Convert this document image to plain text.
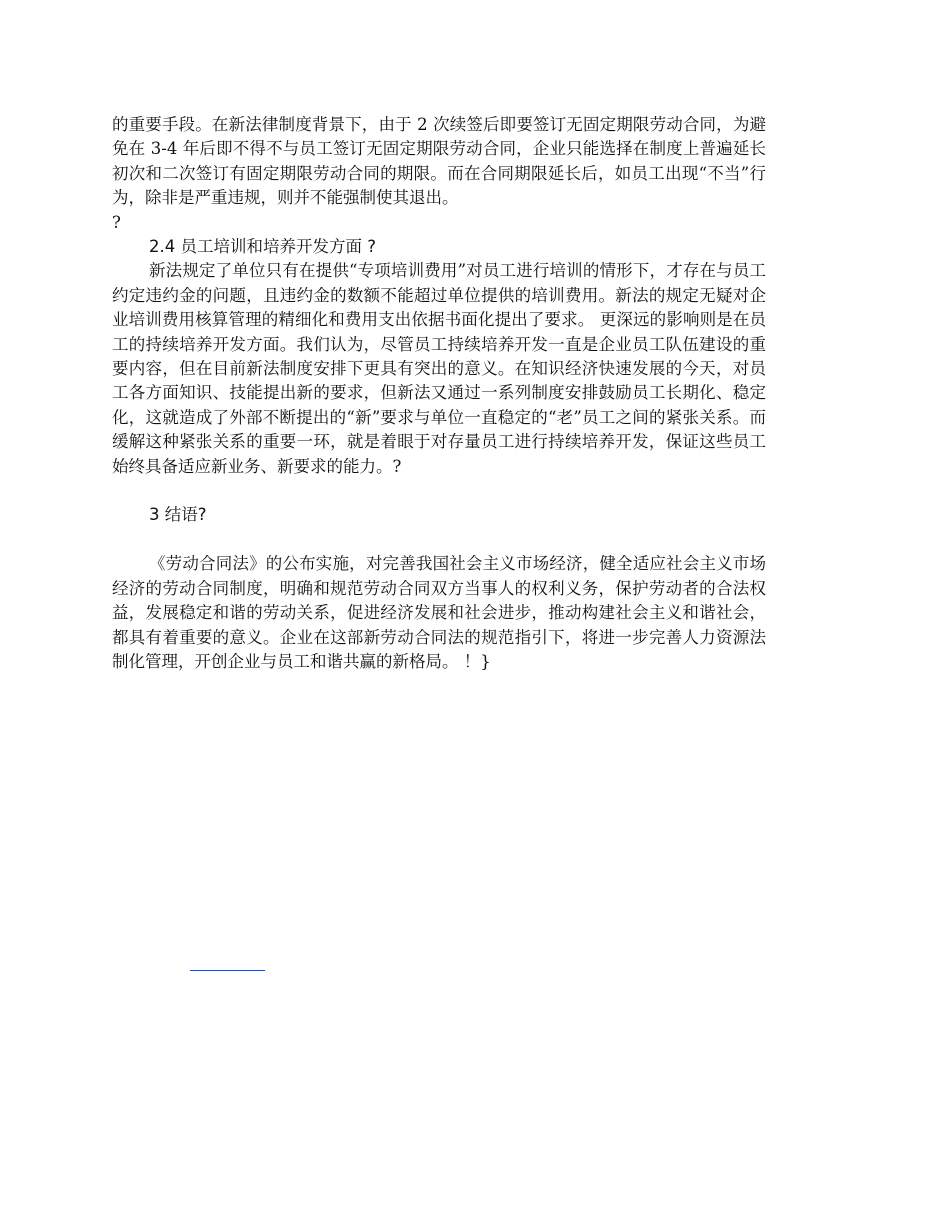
的重要手段。在新法律制度背景下，由于 2 次续签后即要签订无固定期限劳动合同，为避免在 3-4 年后即不得不与员工签订无固定期限劳动合同，企业只能选择在制度上普遍延长初次和二次签订有固定期限劳动合同的期限。而在合同期限延长后，如员工出现“不当”行为，除非是严重违规，则并不能强制使其退出。

?

2.4 员工培训和培养开发方面 ?

新法规定了单位只有在提供“专项培训费用”对员工进行培训的情形下，才存在与员工约定违约金的问题，且违约金的数额不能超过单位提供的培训费用。新法的规定无疑对企业培训费用核算管理的精细化和费用支出依据书面化提出了要求。 更深远的影响则是在员工的持续培养开发方面。我们认为，尽管员工持续培养开发一直是企业员工队伍建设的重要内容，但在目前新法制度安排下更具有突出的意义。在知识经济快速发展的今天，对员工各方面知识、技能提出新的要求，但新法又通过一系列制度安排鼓励员工长期化、稳定化，这就造成了外部不断提出的“新”要求与单位一直稳定的“老”员工之间的紧张关系。而缓解这种紧张关系的重要一环，就是着眼于对存量员工进行持续培养开发，保证这些员工始终具备适应新业务、新要求的能力。?

3 结语?

《劳动合同法》的公布实施，对完善我国社会主义市场经济，健全适应社会主义市场经济的劳动合同制度，明确和规范劳动合同双方当事人的权利义务，保护劳动者的合法权益，发展稳定和谐的劳动关系，促进经济发展和社会进步，推动构建社会主义和谐社会，都具有着重要的意义。企业在这部新劳动合同法的规范指引下，将进一步完善人力资源法制化管理，开创企业与员工和谐共赢的新格局。 ！}
